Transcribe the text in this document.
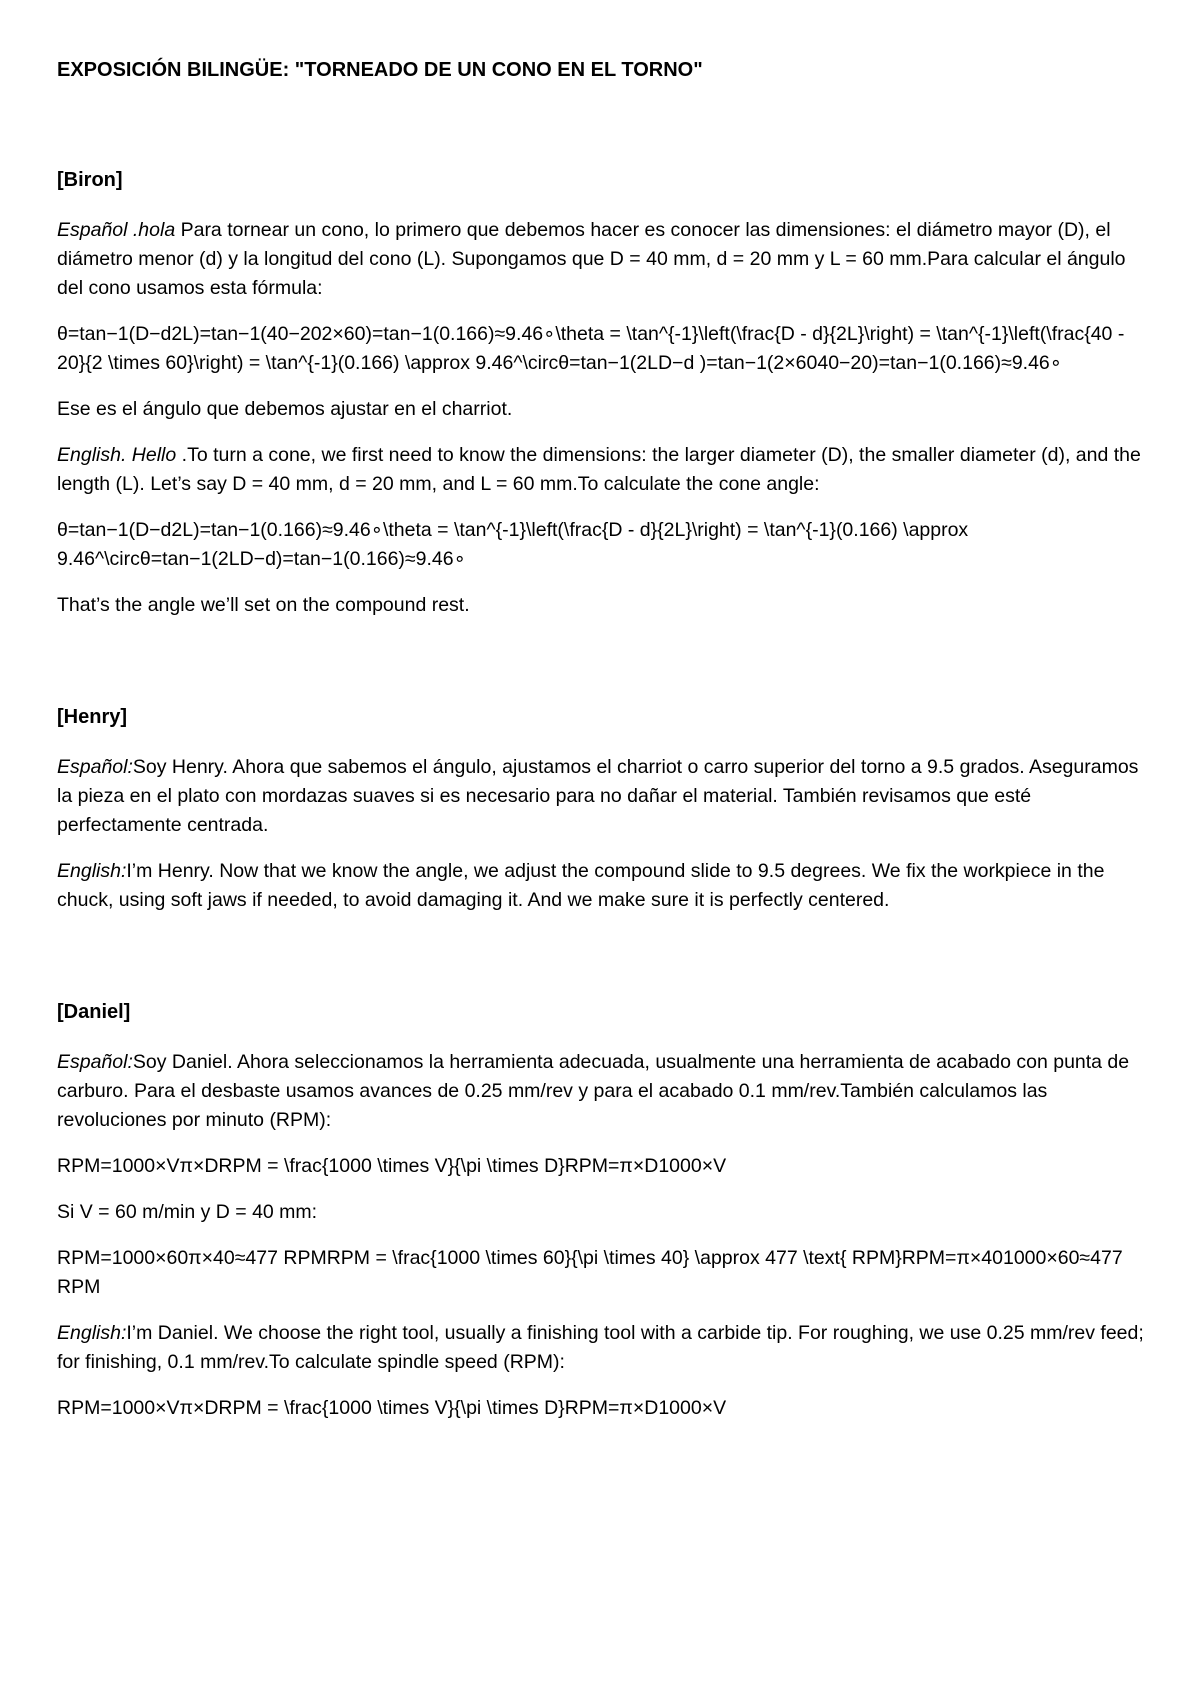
EXPOSICIÓN BILINGÜE: "TORNEADO DE UN CONO EN EL TORNO"
[Biron]

Español .hola Para tornear un cono, lo primero que debemos hacer es conocer las dimensiones: el diámetro mayor (D), el diámetro menor (d) y la longitud del cono (L). Supongamos que D = 40 mm, d = 20 mm y L = 60 mm.Para calcular el ángulo del cono usamos esta fórmula:

θ=tan−1(D−d2L)=tan−1(40−202×60)=tan−1(0.166)≈9.46∘\theta = \tan^{-1}\left(\frac{D - d}{2L}\right) = \tan^{-1}\left(\frac{40 - 20}{2 \times 60}\right) = \tan^{-1}(0.166) \approx 9.46^\circθ=tan−1(2LD−d )=tan−1(2×6040−20)=tan−1(0.166)≈9.46∘

Ese es el ángulo que debemos ajustar en el charriot.

English. Hello .To turn a cone, we first need to know the dimensions: the larger diameter (D), the smaller diameter (d), and the length (L). Let’s say D = 40 mm, d = 20 mm, and L = 60 mm.To calculate the cone angle:

θ=tan−1(D−d2L)=tan−1(0.166)≈9.46∘\theta = \tan^{-1}\left(\frac{D - d}{2L}\right) = \tan^{-1}(0.166) \approx 9.46^\circθ=tan−1(2LD−d)=tan−1(0.166)≈9.46∘

That’s the angle we’ll set on the compound rest.

[Henry]

Español:Soy Henry. Ahora que sabemos el ángulo, ajustamos el charriot o carro superior del torno a 9.5 grados. Aseguramos la pieza en el plato con mordazas suaves si es necesario para no dañar el material. También revisamos que esté perfectamente centrada.

English:I’m Henry. Now that we know the angle, we adjust the compound slide to 9.5 degrees. We fix the workpiece in the chuck, using soft jaws if needed, to avoid damaging it. And we make sure it is perfectly centered.

[Daniel]

Español:Soy Daniel. Ahora seleccionamos la herramienta adecuada, usualmente una herramienta de acabado con punta de carburo. Para el desbaste usamos avances de 0.25 mm/rev y para el acabado 0.1 mm/rev.También calculamos las revoluciones por minuto (RPM):

RPM=1000×Vπ×DRPM = \frac{1000 \times V}{\pi \times D}RPM=π×D1000×V

Si V = 60 m/min y D = 40 mm:

RPM=1000×60π×40≈477 RPMRPM = \frac{1000 \times 60}{\pi \times 40} \approx 477 \text{ RPM}RPM=π×401000×60≈477 RPM

English:I’m Daniel. We choose the right tool, usually a finishing tool with a carbide tip. For roughing, we use 0.25 mm/rev feed; for finishing, 0.1 mm/rev.To calculate spindle speed (RPM):

RPM=1000×Vπ×DRPM = \frac{1000 \times V}{\pi \times D}RPM=π×D1000×V
